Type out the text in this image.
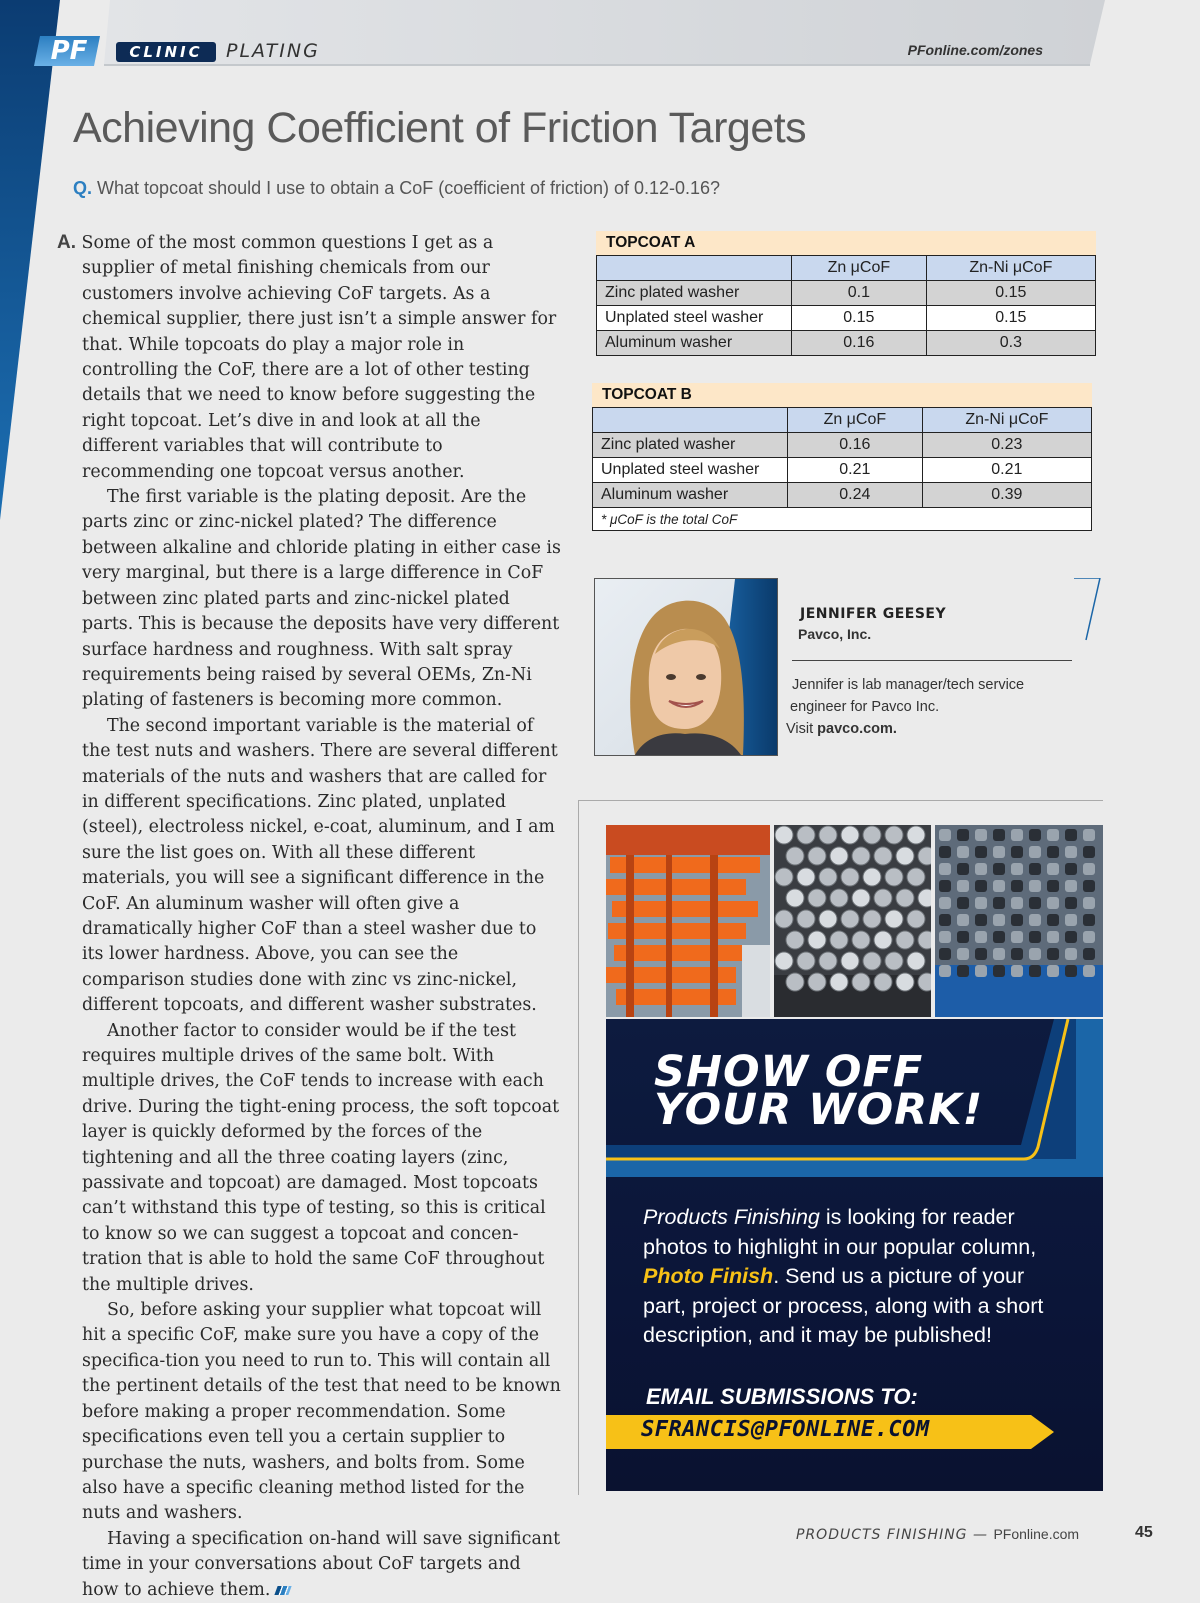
PF	CLINIC	PLATING	PFonline.com/zones
Achieving Coefficient of Friction Targets
Q. What topcoat should I use to obtain a CoF (coefficient of friction) of 0.12-0.16?

A. Some of the most common questions I get as a supplier of metal finishing chemicals from our customers involve achieving CoF targets. As a chemical supplier, there just isn’t a simple answer for that. While topcoats do play a major role in controlling the CoF, there are a lot of other testing details that we need to know before suggesting the right topcoat. Let’s dive in and look at all the different variables that will contribute to recommending one topcoat versus another.

The first variable is the plating deposit. Are the parts zinc or zinc-nickel plated? The difference between alkaline and chloride plating in either case is very marginal, but there is a large difference in CoF between zinc plated parts and zinc-nickel plated parts. This is because the deposits have very different surface hardness and roughness. With salt spray requirements being raised by several OEMs, Zn-Ni plating of fasteners is becoming more common.

The second important variable is the material of the test nuts and washers. There are several different materials of the nuts and washers that are called for in different specifications. Zinc plated, unplated (steel), electroless nickel, e-coat, aluminum, and I am sure the list goes on. With all these different materials, you will see a significant difference in the CoF. An aluminum washer will often give a dramatically higher CoF than a steel washer due to its lower hardness. Above, you can see the comparison studies done with zinc vs zinc-nickel, different topcoats, and different washer substrates.

Another factor to consider would be if the test requires multiple drives of the same bolt. With multiple drives, the CoF tends to increase with each drive. During the tight-ening process, the soft topcoat layer is quickly deformed by the forces of the tightening and all the three coating layers (zinc, passivate and topcoat) are damaged. Most topcoats can’t withstand this type of testing, so this is critical to know so we can suggest a topcoat and concen-tration that is able to hold the same CoF throughout the multiple drives.

So, before asking your supplier what topcoat will hit a specific CoF, make sure you have a copy of the specifica-tion you need to run to. This will contain all the pertinent details of the test that need to be known before making a proper recommendation. Some specifications even tell you a certain supplier to purchase the nuts, washers, and bolts from. Some also have a specific cleaning method listed for the nuts and washers.

Having a specification on-hand will save significant time in your conversations about CoF targets and how to achieve them.

TOPCOAT A
	Zn μCoF	Zn-Ni μCoF
Zinc plated washer	0.1	0.15
Unplated steel washer	0.15	0.15
Aluminum washer	0.16	0.3
TOPCOAT B
	Zn μCoF	Zn-Ni μCoF
Zinc plated washer	0.16	0.23
Unplated steel washer	0.21	0.21
Aluminum washer	0.24	0.39
* μCoF is the total CoF		
JENNIFER GEESEY
Pavco, Inc.
Jennifer is lab manager/tech service
engineer for Pavco Inc.
Visit pavco.com.
SHOW OFF
YOUR WORK!
Products Finishing is looking for reader photos to highlight in our popular column, Photo Finish. Send us a picture of your part, project or process, along with a short description, and it may be published!
EMAIL SUBMISSIONS TO:
SFRANCIS@PFONLINE.COM
PRODUCTS FINISHING — PFonline.com	45
